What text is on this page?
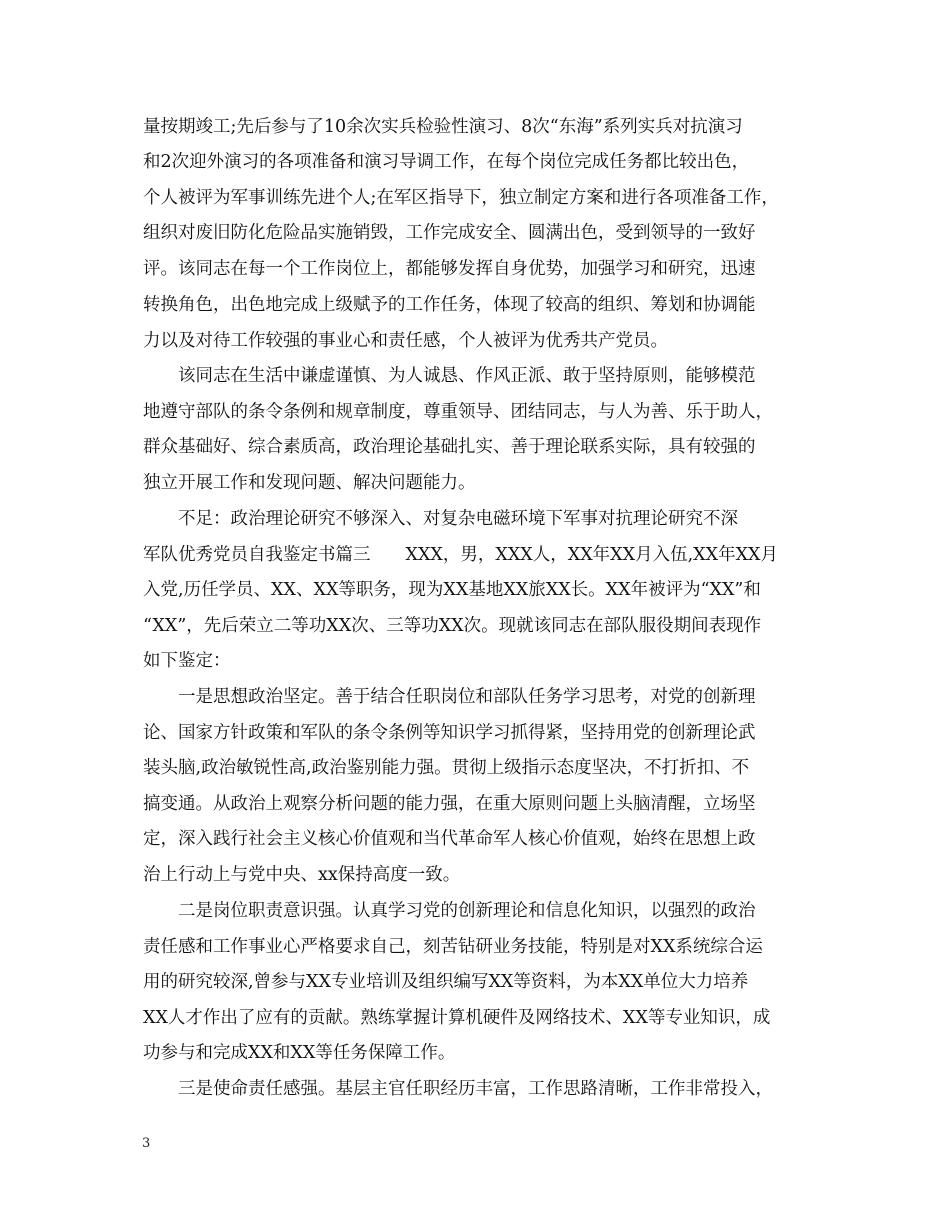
量按期竣工;先后参与了10余次实兵检验性演习、8次“东海”系列实兵对抗演习
和2次迎外演习的各项准备和演习导调工作，在每个岗位完成任务都比较出色，
个人被评为军事训练先进个人;在军区指导下，独立制定方案和进行各项准备工作，
组织对废旧防化危险品实施销毁，工作完成安全、圆满出色，受到领导的一致好
评。该同志在每一个工作岗位上，都能够发挥自身优势，加强学习和研究，迅速
转换角色，出色地完成上级赋予的工作任务，体现了较高的组织、筹划和协调能
力以及对待工作较强的事业心和责任感，个人被评为优秀共产党员。
该同志在生活中谦虚谨慎、为人诚恳、作风正派、敢于坚持原则，能够模范
地遵守部队的条令条例和规章制度，尊重领导、团结同志，与人为善、乐于助人，
群众基础好、综合素质高，政治理论基础扎实、善于理论联系实际，具有较强的
独立开展工作和发现问题、解决问题能力。
不足：政治理论研究不够深入、对复杂电磁环境下军事对抗理论研究不深
军队优秀党员自我鉴定书篇三　　XXX，男，XXX人，XX年XX月入伍,XX年XX月
入党,历任学员、XX、XX等职务，现为XX基地XX旅XX长。XX年被评为“XX”和
“XX”，先后荣立二等功XX次、三等功XX次。现就该同志在部队服役期间表现作
如下鉴定：
一是思想政治坚定。善于结合任职岗位和部队任务学习思考，对党的创新理
论、国家方针政策和军队的条令条例等知识学习抓得紧，坚持用党的创新理论武
装头脑,政治敏锐性高,政治鉴别能力强。贯彻上级指示态度坚决，不打折扣、不
搞变通。从政治上观察分析问题的能力强，在重大原则问题上头脑清醒，立场坚
定，深入践行社会主义核心价值观和当代革命军人核心价值观，始终在思想上政
治上行动上与党中央、xx保持高度一致。
二是岗位职责意识强。认真学习党的创新理论和信息化知识，以强烈的政治
责任感和工作事业心严格要求自己，刻苦钻研业务技能，特别是对XX系统综合运
用的研究较深,曾参与XX专业培训及组织编写XX等资料，为本XX单位大力培养
XX人才作出了应有的贡献。熟练掌握计算机硬件及网络技术、XX等专业知识，成
功参与和完成XX和XX等任务保障工作。
三是使命责任感强。基层主官任职经历丰富，工作思路清晰，工作非常投入，
3
